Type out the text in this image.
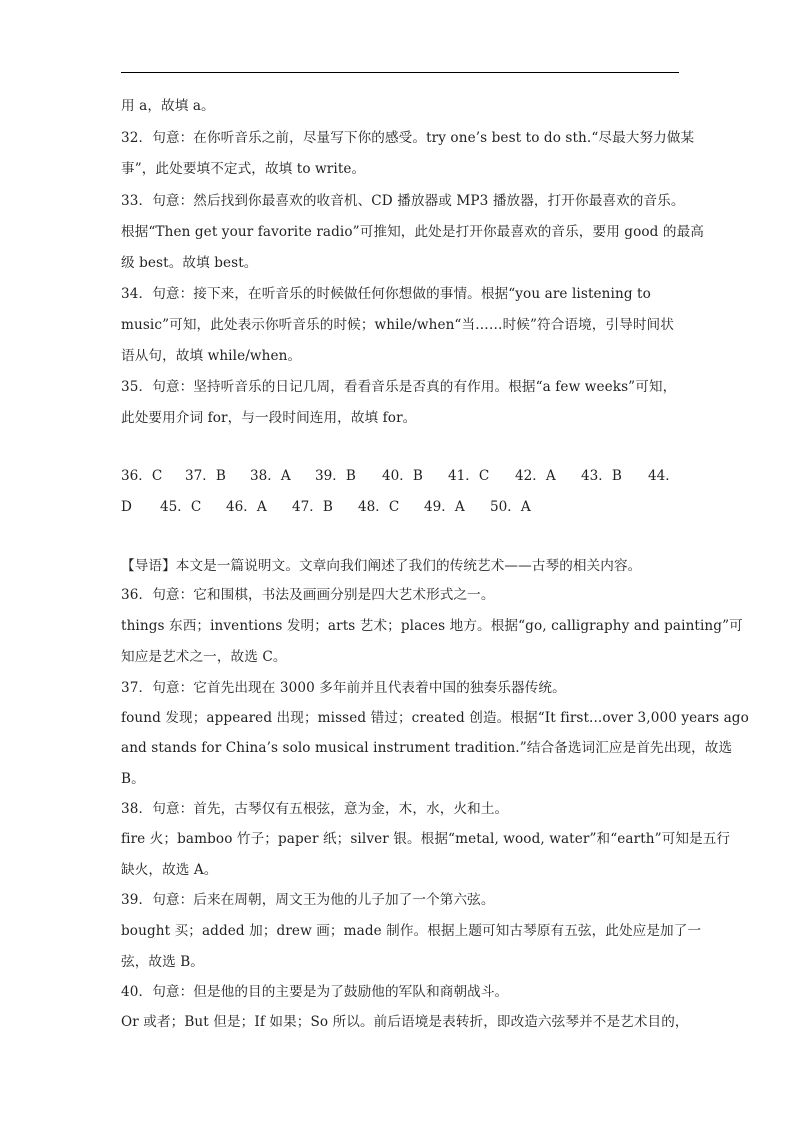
用 a，故填 a。
32．句意：在你听音乐之前，尽量写下你的感受。try one’s best to do sth.“尽最大努力做某
事”，此处要填不定式，故填 to write。
33．句意：然后找到你最喜欢的收音机、CD 播放器或 MP3 播放器，打开你最喜欢的音乐。
根据“Then get your favorite radio”可推知，此处是打开你最喜欢的音乐，要用 good 的最高
级 best。故填 best。
34．句意：接下来，在听音乐的时候做任何你想做的事情。根据“you are listening to
music”可知，此处表示你听音乐的时候；while/when“当……时候”符合语境，引导时间状
语从句，故填 while/when。
35．句意：坚持听音乐的日记几周，看看音乐是否真的有作用。根据“a few weeks”可知，
此处要用介词 for，与一段时间连用，故填 for。
36．C 37．B 38．A 39．B 40．B 41．C 42．A 43．B 44．
D 45．C 46．A 47．B 48．C 49．A 50．A
【导语】本文是一篇说明文。文章向我们阐述了我们的传统艺术——古琴的相关内容。
36．句意：它和围棋，书法及画画分别是四大艺术形式之一。
things 东西；inventions 发明；arts 艺术；places 地方。根据“go, calligraphy and painting”可
知应是艺术之一，故选 C。
37．句意：它首先出现在 3000 多年前并且代表着中国的独奏乐器传统。
found 发现；appeared 出现；missed 错过；created 创造。根据“It first...over 3,000 years ago
and stands for China’s solo musical instrument tradition.”结合备选词汇应是首先出现，故选
B。
38．句意：首先，古琴仅有五根弦，意为金，木，水，火和土。
fire 火；bamboo 竹子；paper 纸；silver 银。根据“metal, wood, water”和“earth”可知是五行
缺火，故选 A。
39．句意：后来在周朝，周文王为他的儿子加了一个第六弦。
bought 买；added 加；drew 画；made 制作。根据上题可知古琴原有五弦，此处应是加了一
弦，故选 B。
40．句意：但是他的目的主要是为了鼓励他的军队和商朝战斗。
Or 或者；But 但是；If 如果；So 所以。前后语境是表转折，即改造六弦琴并不是艺术目的，
